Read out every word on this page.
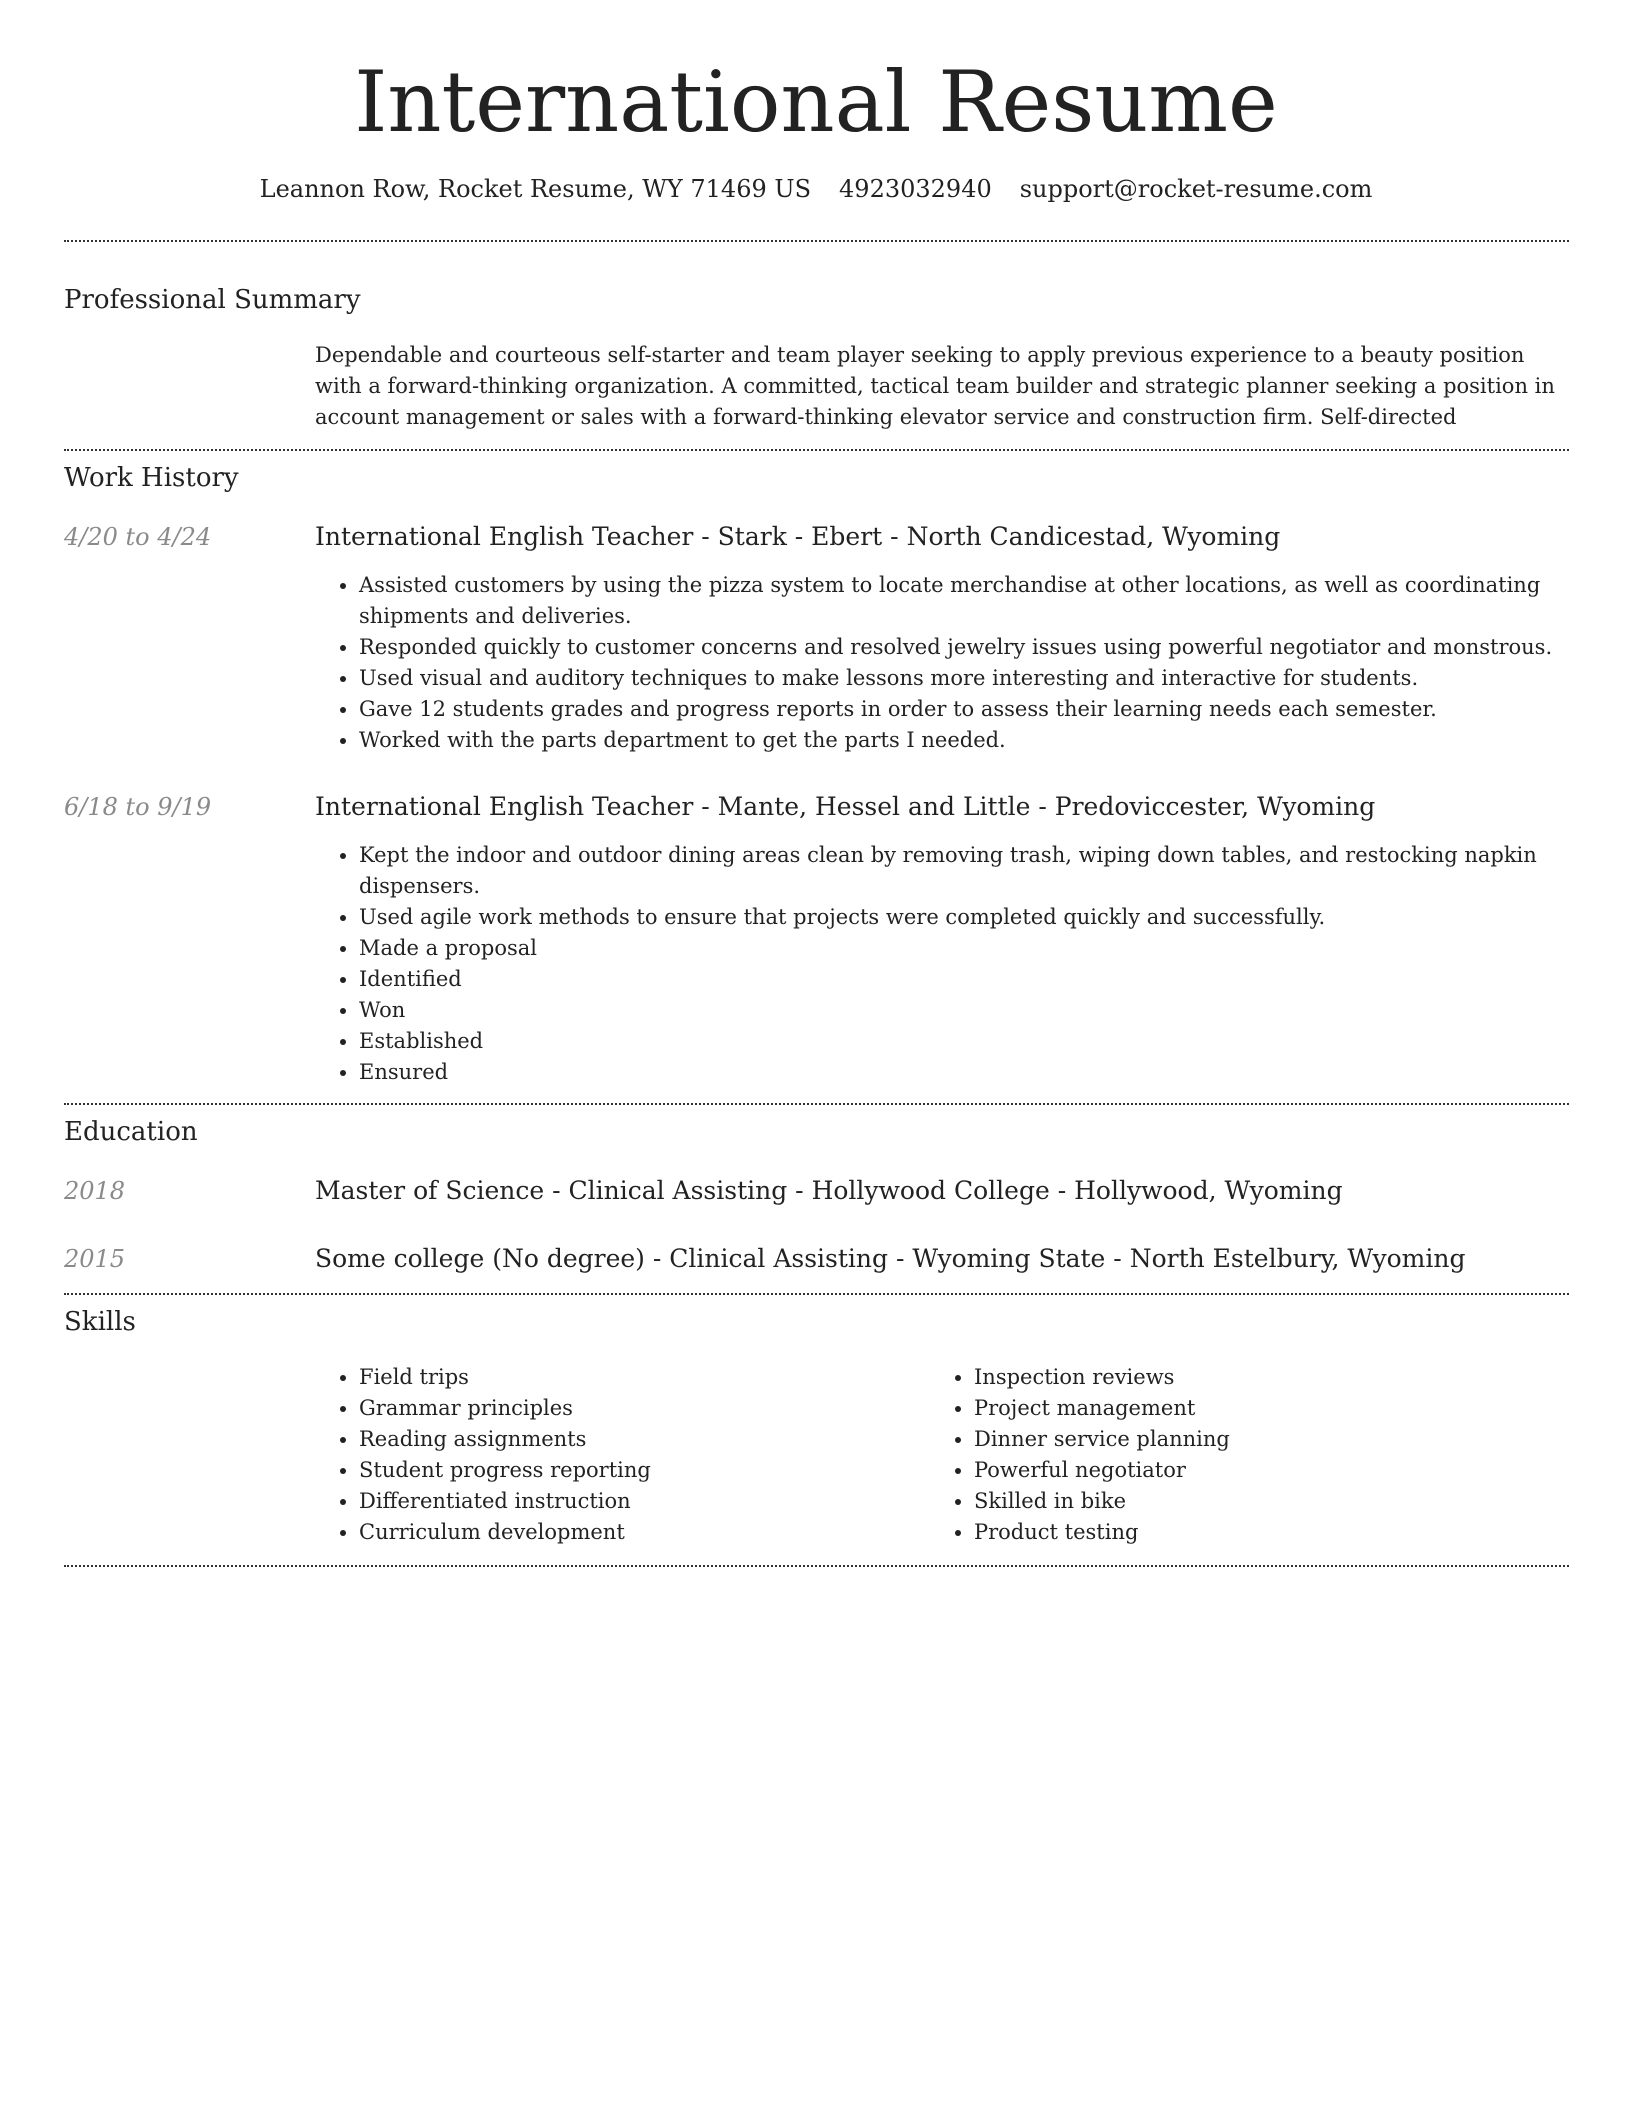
International Resume
Leannon Row, Rocket Resume, WY 71469 US 4923032940 support@rocket-resume.com
Professional Summary

Dependable and courteous self-starter and team player seeking to apply previous experience to a beauty position with a forward-thinking organization. A committed, tactical team builder and strategic planner seeking a position in account management or sales with a forward-thinking elevator service and construction firm. Self-directed

Work History
4/20 to 4/24	International English Teacher - Stark - Ebert - North Candicestad, Wyoming
• Assisted customers by using the pizza system to locate merchandise at other locations, as well as coordinating shipments and deliveries.
• Responded quickly to customer concerns and resolved jewelry issues using powerful negotiator and monstrous.
• Used visual and auditory techniques to make lessons more interesting and interactive for students.
• Gave 12 students grades and progress reports in order to assess their learning needs each semester.
• Worked with the parts department to get the parts I needed.
6/18 to 9/19	International English Teacher - Mante, Hessel and Little - Predoviccester, Wyoming
• Kept the indoor and outdoor dining areas clean by removing trash, wiping down tables, and restocking napkin dispensers.
• Used agile work methods to ensure that projects were completed quickly and successfully.
• Made a proposal
• Identified
• Won
• Established
• Ensured
Education
2018	Master of Science - Clinical Assisting - Hollywood College - Hollywood, Wyoming
2015	Some college (No degree) - Clinical Assisting - Wyoming State - North Estelbury, Wyoming
Skills
• Field trips
• Grammar principles
• Reading assignments
• Student progress reporting
• Differentiated instruction
• Curriculum development
• Inspection reviews
• Project management
• Dinner service planning
• Powerful negotiator
• Skilled in bike
• Product testing
